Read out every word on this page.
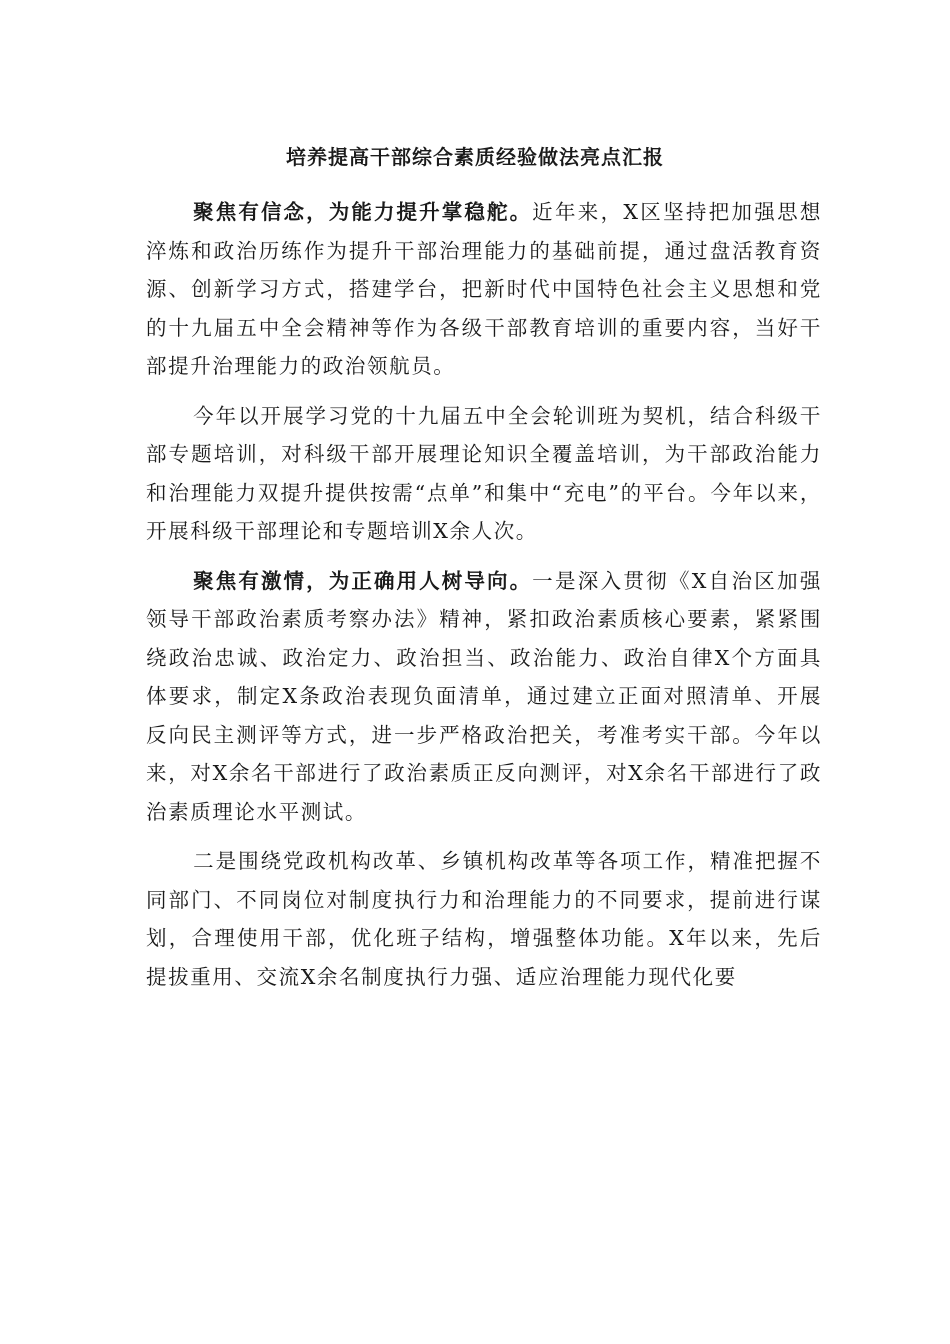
培养提高干部综合素质经验做法亮点汇报

聚焦有信念，为能力提升掌稳舵。近年来，X区坚持把加强思想淬炼和政治历练作为提升干部治理能力的基础前提，通过盘活教育资源、创新学习方式，搭建学台，把新时代中国特色社会主义思想和党的十九届五中全会精神等作为各级干部教育培训的重要内容，当好干部提升治理能力的政治领航员。

今年以开展学习党的十九届五中全会轮训班为契机，结合科级干部专题培训，对科级干部开展理论知识全覆盖培训，为干部政治能力和治理能力双提升提供按需“点单”和集中“充电”的平台。今年以来，开展科级干部理论和专题培训X余人次。

聚焦有激情，为正确用人树导向。一是深入贯彻《X自治区加强领导干部政治素质考察办法》精神，紧扣政治素质核心要素，紧紧围绕政治忠诚、政治定力、政治担当、政治能力、政治自律X个方面具体要求，制定X条政治表现负面清单，通过建立正面对照清单、开展反向民主测评等方式，进一步严格政治把关，考准考实干部。今年以来，对X余名干部进行了政治素质正反向测评，对X余名干部进行了政治素质理论水平测试。

二是围绕党政机构改革、乡镇机构改革等各项工作，精准把握不同部门、不同岗位对制度执行力和治理能力的不同要求，提前进行谋划，合理使用干部，优化班子结构，增强整体功能。X年以来，先后提拔重用、交流X余名制度执行力强、适应治理能力现代化要
